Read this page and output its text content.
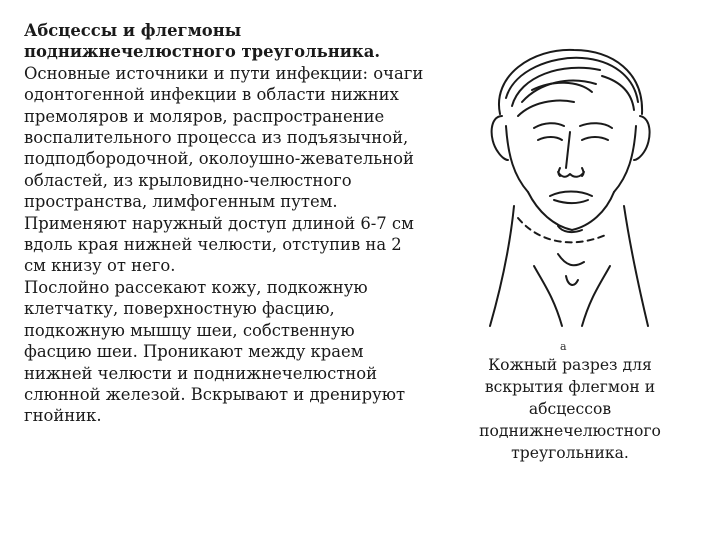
Абсцессы и флегмоны поднижнечелюстного треугольника. Основные источники и пути инфекции: очаги одонтогенной инфекции в области нижних премоляров и моляров, распространение воспалительного процесса из подъязычной, подподбородочной, околоушно-жевательной областей, из крыловидно-челюстного пространства, лимфогенным путем.

Применяют наружный доступ длиной 6-7 см вдоль края нижней челюсти, отступив на 2 см книзу от него.

Послойно рассекают кожу, подкожную клетчатку, поверхностную фасцию, подкожную мышцу шеи, собственную фасцию шеи. Проникают между краем нижней челюсти и поднижнечелюстной слюнной железой. Вскрывают и дренируют гнойник.

а
Кожный разрез для вскрытия флегмон и абсцессов поднижнечелюстного треугольника.
